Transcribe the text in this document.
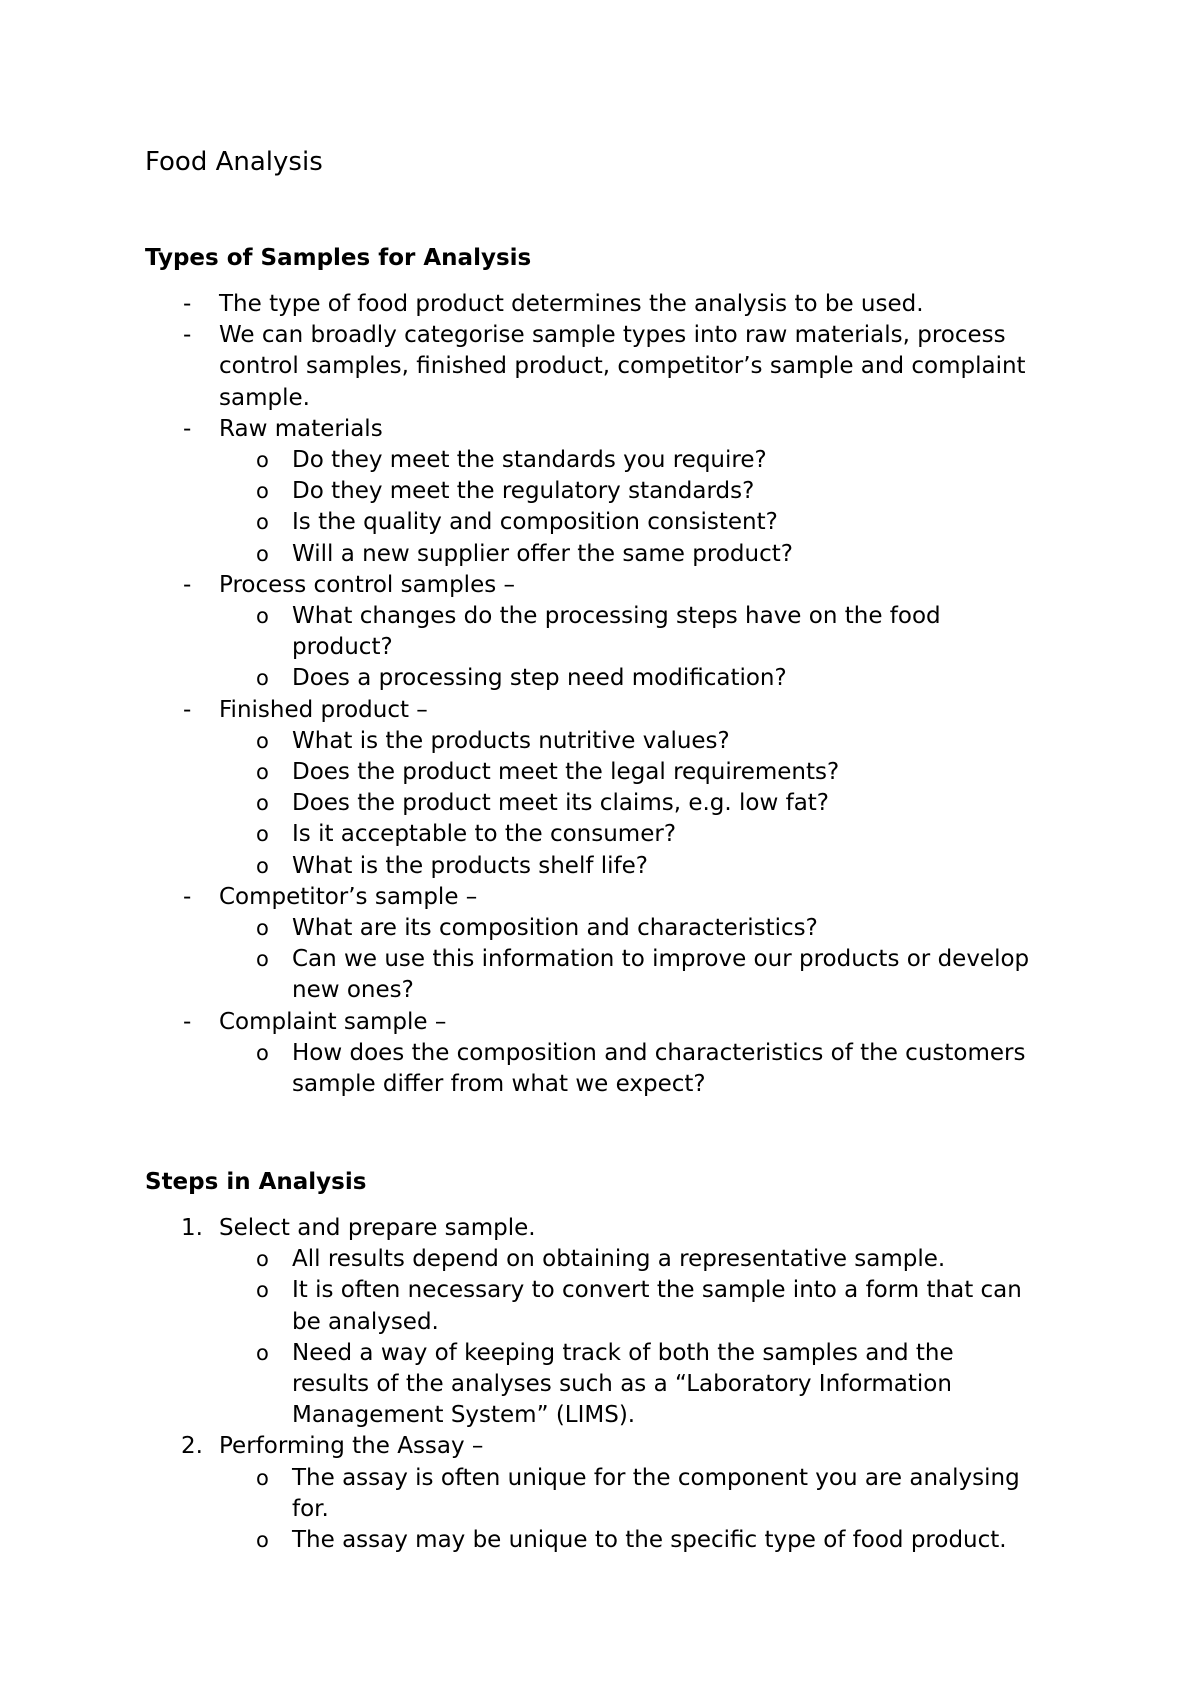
Food Analysis
Types of Samples for Analysis
- The type of food product determines the analysis to be used.
- We can broadly categorise sample types into raw materials, process control samples, finished product, competitor’s sample and complaint sample.
- Raw materials
o Do they meet the standards you require?
o Do they meet the regulatory standards?
o Is the quality and composition consistent?
o Will a new supplier offer the same product?
- Process control samples –
o What changes do the processing steps have on the food product?
o Does a processing step need modification?
- Finished product –
o What is the products nutritive values?
o Does the product meet the legal requirements?
o Does the product meet its claims, e.g. low fat?
o Is it acceptable to the consumer?
o What is the products shelf life?
- Competitor’s sample –
o What are its composition and characteristics?
o Can we use this information to improve our products or develop new ones?
- Complaint sample –
o How does the composition and characteristics of the customers sample differ from what we expect?
Steps in Analysis
1. Select and prepare sample.
o All results depend on obtaining a representative sample.
o It is often necessary to convert the sample into a form that can be analysed.
o Need a way of keeping track of both the samples and the results of the analyses such as a “Laboratory Information Management System” (LIMS).
2. Performing the Assay –
o The assay is often unique for the component you are analysing for.
o The assay may be unique to the specific type of food product.
